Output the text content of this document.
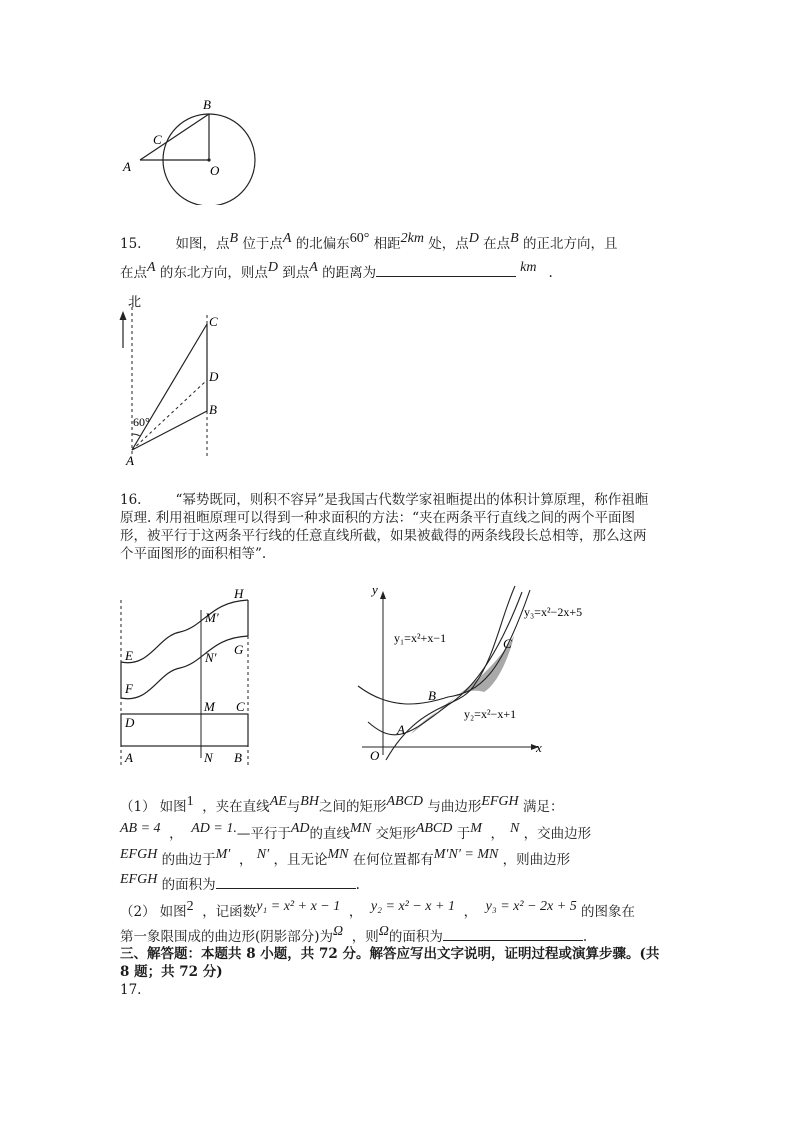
B
C
A	O
15.	如图，点B 位于点A 的北偏东60° 相距2km 处，点D 在点B 的正北方向，且
在点A 的东北方向，则点D 到点A 的距离为	km .
北
60°
C
D
B
A
16.	“幂势既同，则积不容异”是我国古代数学家祖暅提出的体积计算原理，称作祖暅
原理. 利用祖暅原理可以得到一种求面积的方法：“夹在两条平行直线之间的两个平面图
形，被平行于这两条平行线的任意直线所截，如果被截得的两条线段长总相等，那么这两
个平面图形的面积相等”.
H
M′
G
E	N′
F
M C
D
A	N B
x
y
O
y₁=x²+x−1
y₃=x²−2x+5
y₂=x²−x+1
A
B
C
（1） 如图1 ，夹在直线AE与BH之间的矩形ABCD 与曲边形EFGH 满足：
AB = 4 ， AD = 1.—平行于AD的直线MN 交矩形ABCD 于M ， N ，交曲边形
EFGH 的曲边于M′ ， N′ ，且无论MN 在何位置都有M′N′ = MN ，则曲边形
EFGH 的面积为	.
（2） 如图2 ，记函数y₁ = x² + x − 1  ，  y₂ = x² − x + 1  ，  y₃ = x² − 2x + 5 的图象在
第一象限围成的曲边形(阴影部分)为Ω ，则Ω的面积为	.
三、解答题：本题共 8 小题，共 72 分。解答应写出文字说明，证明过程或演算步骤。(共
8 题；共 72 分)
17.
